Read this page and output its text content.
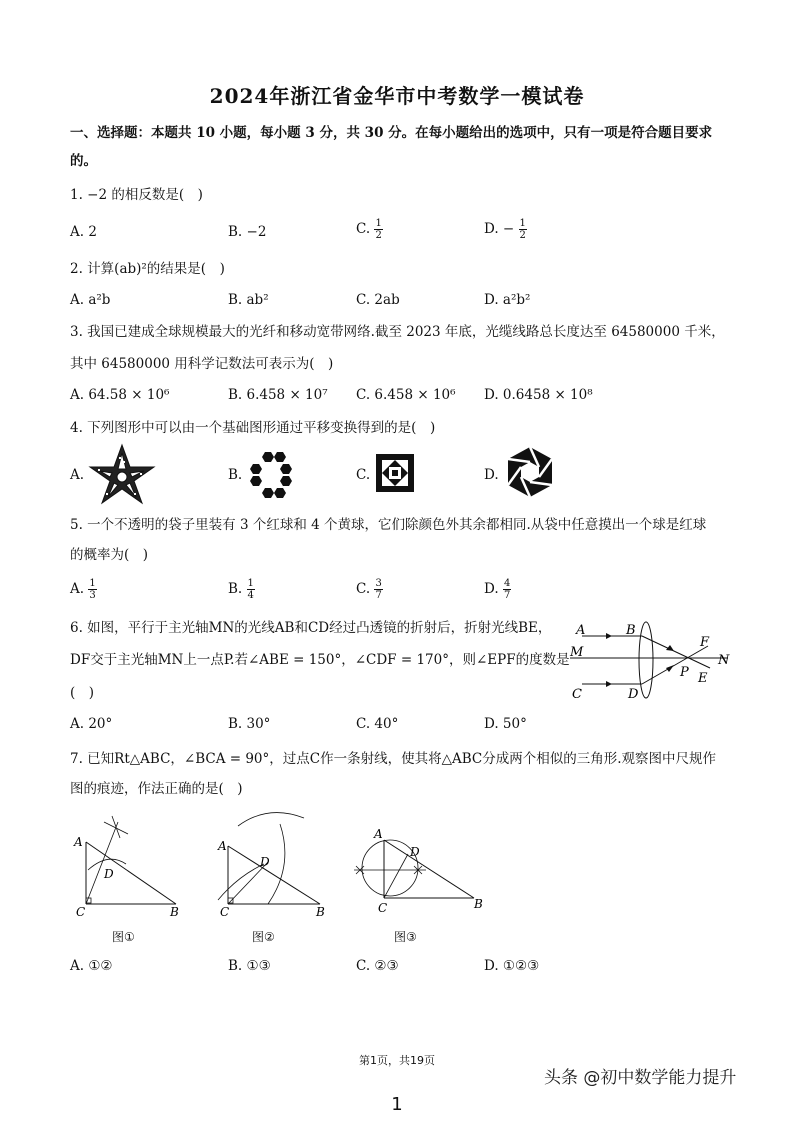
2024年浙江省金华市中考数学一模试卷
一、选择题：本题共 10 小题，每小题 3 分，共 30 分。在每小题给出的选项中，只有一项是符合题目要求
的。
1. −2 的相反数是(　)
A. 2	B. −2	C. $\frac{1}{2}$	D. − $\frac{1}{2}$
2. 计算(ab)²的结果是(　)
A. a²b	B. ab²	C. 2ab	D. a²b²
3. 我国已建成全球规模最大的光纤和移动宽带网络.截至 2023 年底，光缆线路总长度达至 64580000 千米，
其中 64580000 用科学记数法可表示为(　)
A. 64.58 × 10⁶	B. 6.458 × 10⁷ C. 6.458 × 10⁶ D. 0.6458 × 10⁸
4. 下列图形中可以由一个基础图形通过平移变换得到的是(　)
A.	B.	C.	D.
5. 一个不透明的袋子里装有 3 个红球和 4 个黄球，它们除颜色外其余都相同.从袋中任意摸出一个球是红球
的概率为(　)
A. $\frac{1}{3}$	B. $\frac{1}{4}$	C. $\frac{3}{7}$	D. $\frac{4}{7}$
6. 如图，平行于主光轴MN的光线AB和CD经过凸透镜的折射后，折射光线BE，
DF交于主光轴MN上一点P.若∠ABE = 150°，∠CDF = 170°，则∠EPF的度数是
(　)
A. 20°	B. 30°	C. 40°	D. 50°
A	B
M
C	D
F
N
P E
7. 已知Rt△ABC，∠BCA = 90°，过点C作一条射线，使其将△ABC分成两个相似的三角形.观察图中尺规作
图的痕迹，作法正确的是(　)
A
D
C	B
图①
A
D
C	B
图②
A
D
C	B
图③
A. ①②	B. ①③	C. ②③	D. ①②③
第1页，共19页
头条 @初中数学能力提升
1
